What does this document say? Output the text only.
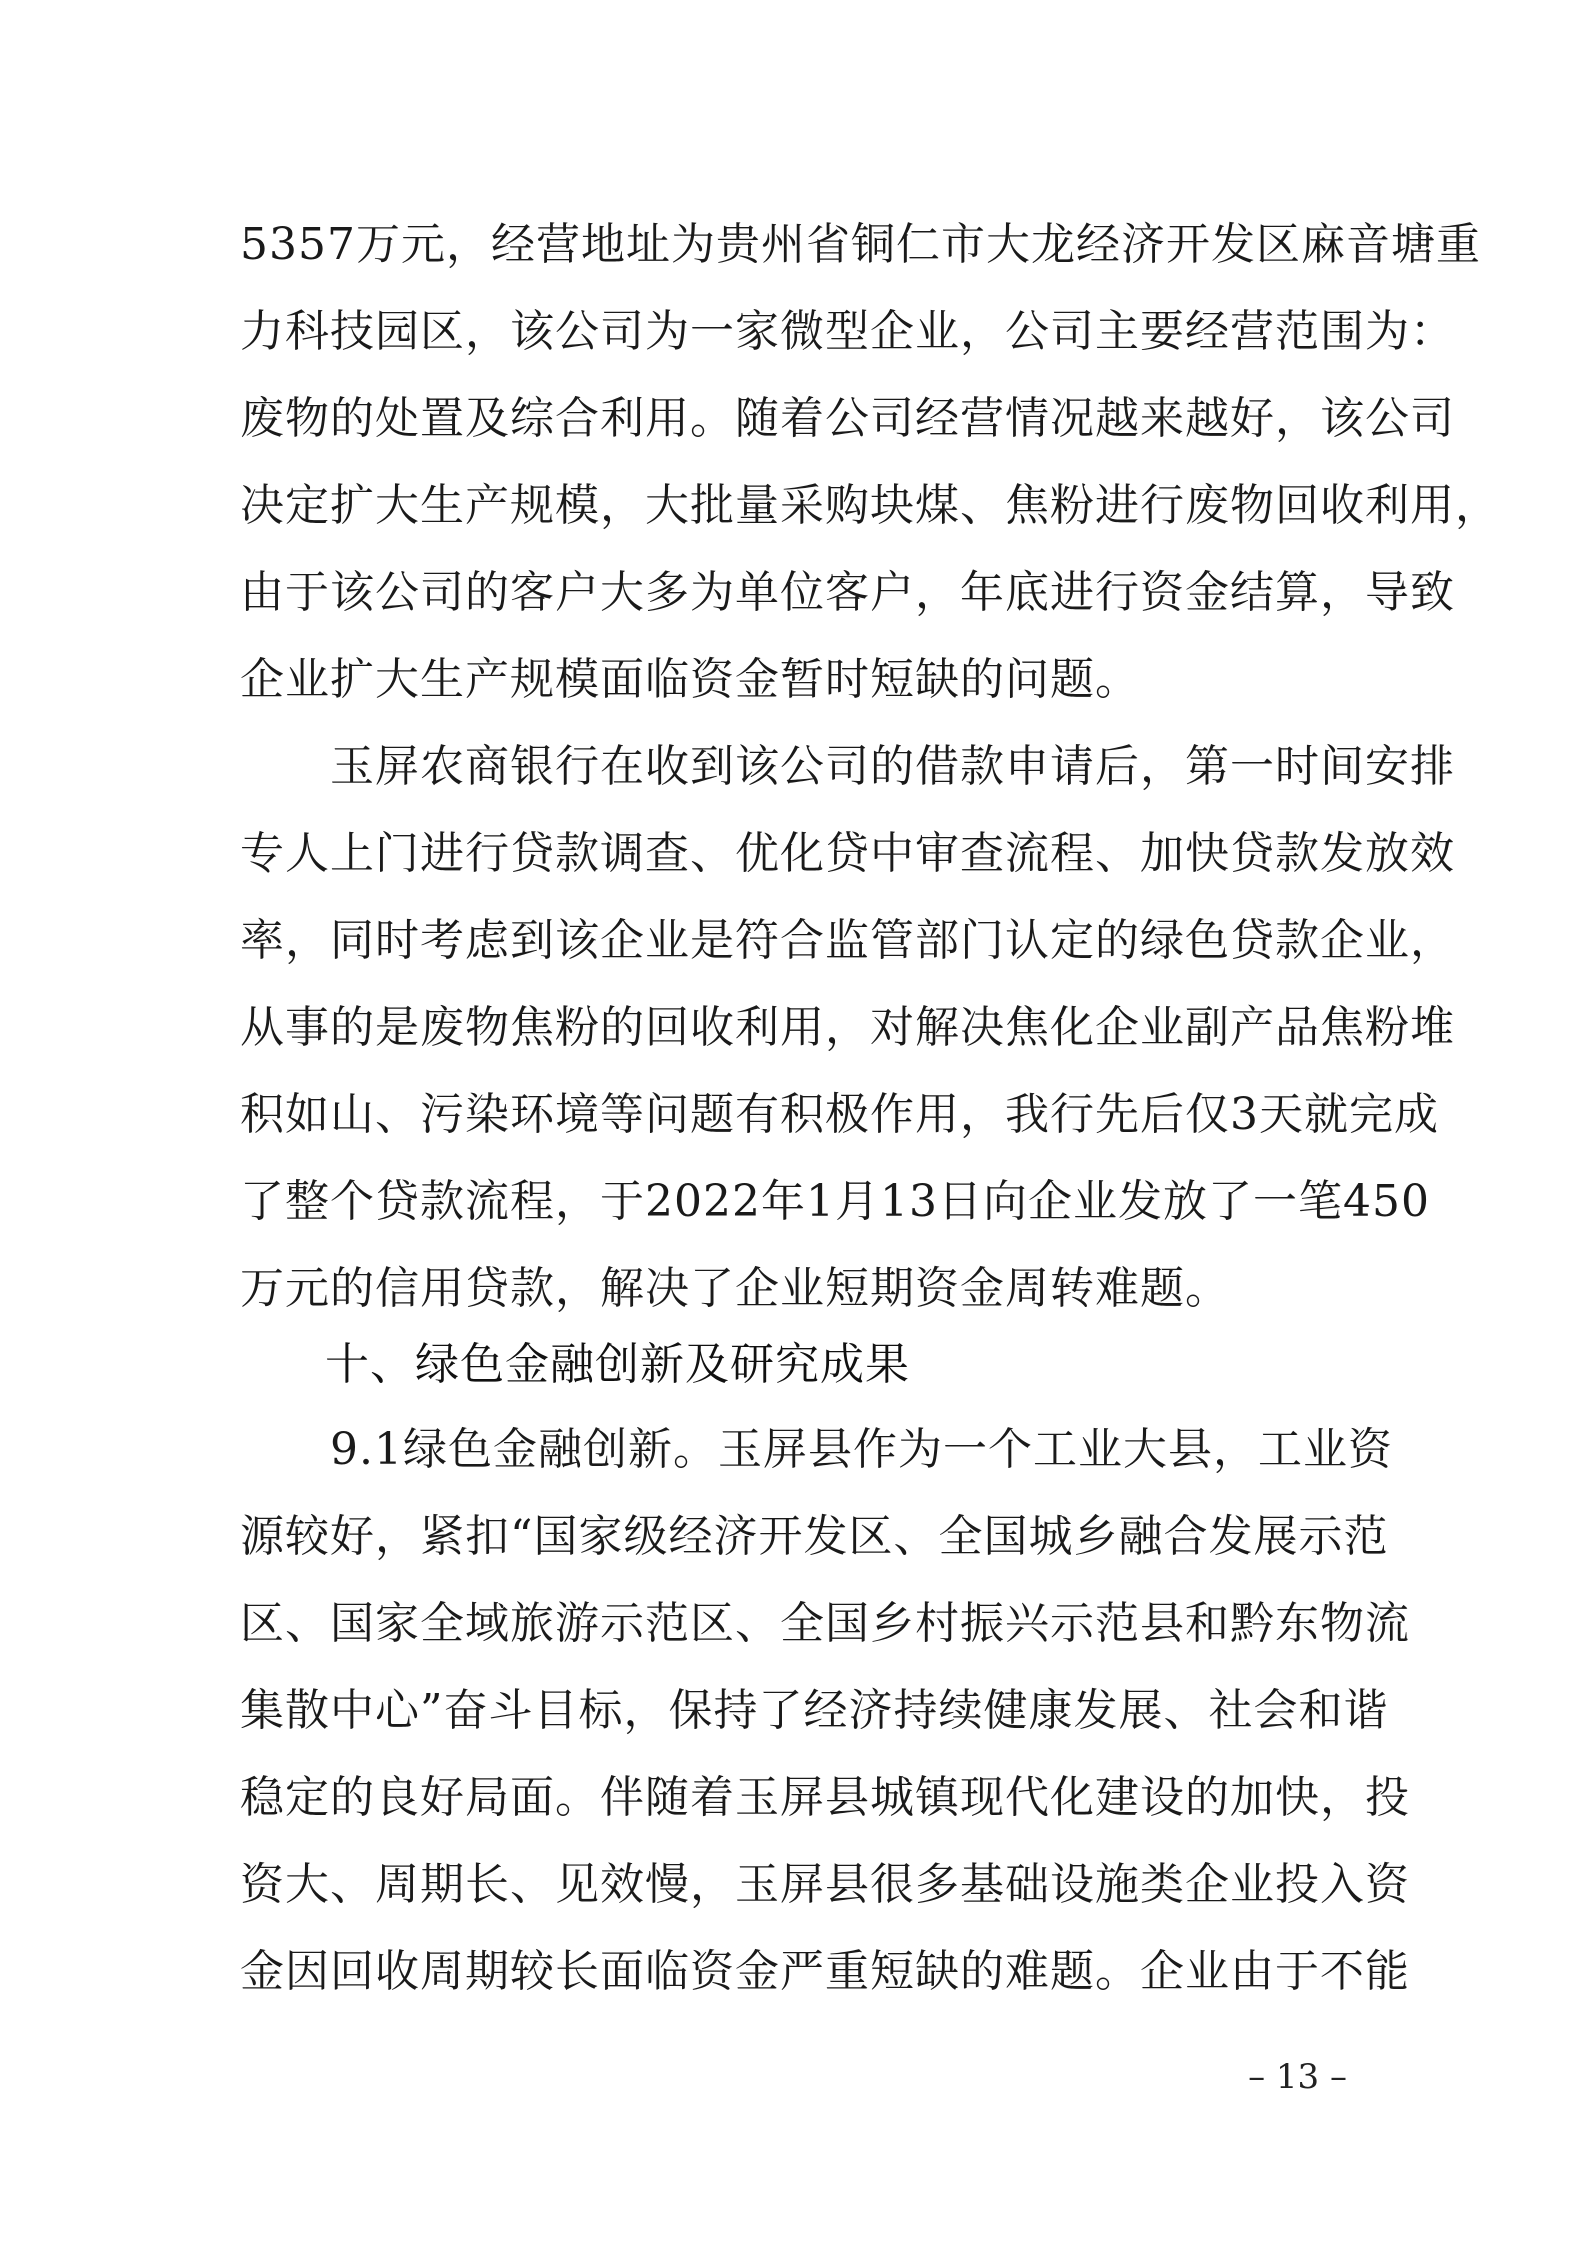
5357万元，经营地址为贵州省铜仁市大龙经济开发区麻音塘重
力科技园区，该公司为一家微型企业，公司主要经营范围为：
废物的处置及综合利用。随着公司经营情况越来越好，该公司
决定扩大生产规模，大批量采购块煤、焦粉进行废物回收利用，
由于该公司的客户大多为单位客户，年底进行资金结算，导致
企业扩大生产规模面临资金暂时短缺的问题。
　　玉屏农商银行在收到该公司的借款申请后，第一时间安排
专人上门进行贷款调查、优化贷中审查流程、加快贷款发放效
率，同时考虑到该企业是符合监管部门认定的绿色贷款企业，
从事的是废物焦粉的回收利用，对解决焦化企业副产品焦粉堆
积如山、污染环境等问题有积极作用，我行先后仅3天就完成
了整个贷款流程，于2022年1月13日向企业发放了一笔450
万元的信用贷款，解决了企业短期资金周转难题。
十、绿色金融创新及研究成果
　　9.1绿色金融创新。玉屏县作为一个工业大县，工业资
源较好，紧扣“国家级经济开发区、全国城乡融合发展示范
区、国家全域旅游示范区、全国乡村振兴示范县和黔东物流
集散中心”奋斗目标，保持了经济持续健康发展、社会和谐
稳定的良好局面。伴随着玉屏县城镇现代化建设的加快，投
资大、周期长、见效慢，玉屏县很多基础设施类企业投入资
金因回收周期较长面临资金严重短缺的难题。企业由于不能
– 13 –
